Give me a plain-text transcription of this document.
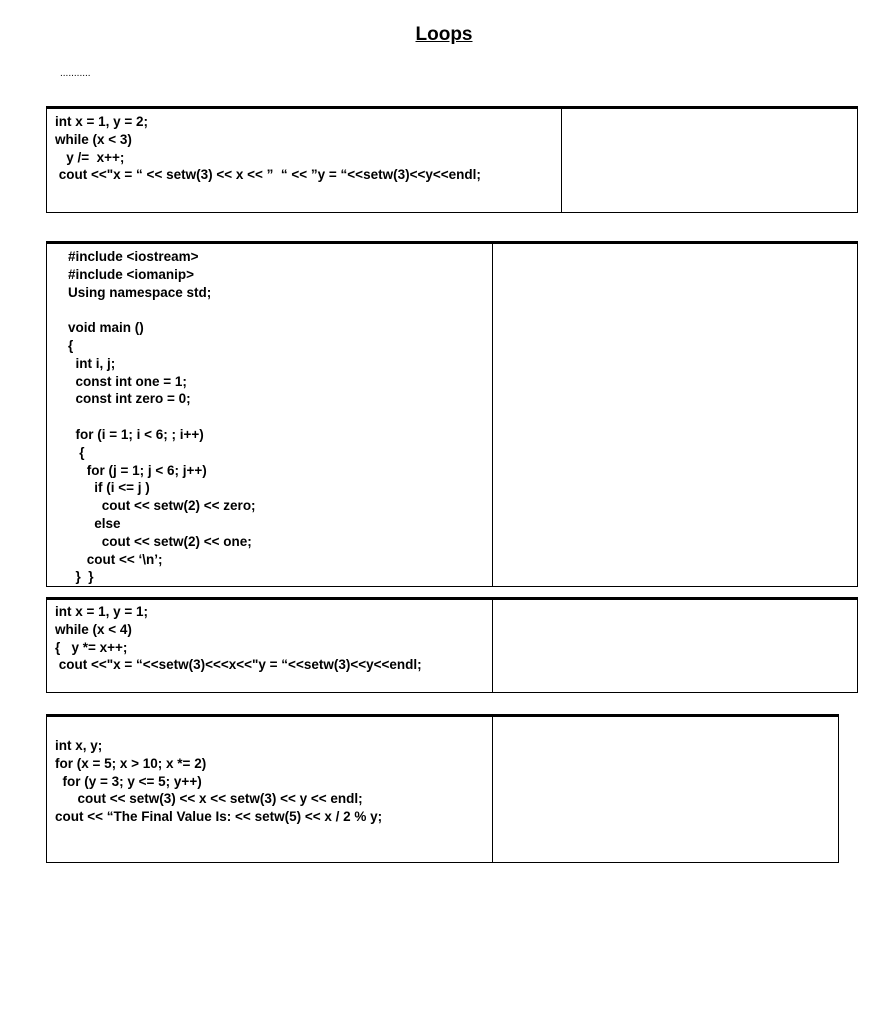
Loops
...........
int x = 1, y = 2;
while (x < 3)
y /=  x++;
cout <<"x = “ << setw(3) << x << ”  “ << ”y = “<<setw(3)<<y<<endl;

#include <iostream>
#include <iomanip>
Using namespace std;

void main ()
{
int i, j;
const int one = 1;
const int zero = 0;

for (i = 1; i < 6; ; i++)
{
for (j = 1; j < 6; j++)
if (i <= j )
cout << setw(2) << zero;
else
cout << setw(2) << one;
cout << ‘\n’;
}  }

int x = 1, y = 1;
while (x < 4)
{   y *= x++;
cout <<"x = “<<setw(3)<<<x<<"y = “<<setw(3)<<y<<endl;

int x, y;
for (x = 5; x > 10; x *= 2)
for (y = 3; y <= 5; y++)
cout << setw(3) << x << setw(3) << y << endl;
cout << “The Final Value Is: << setw(5) << x / 2 % y;
